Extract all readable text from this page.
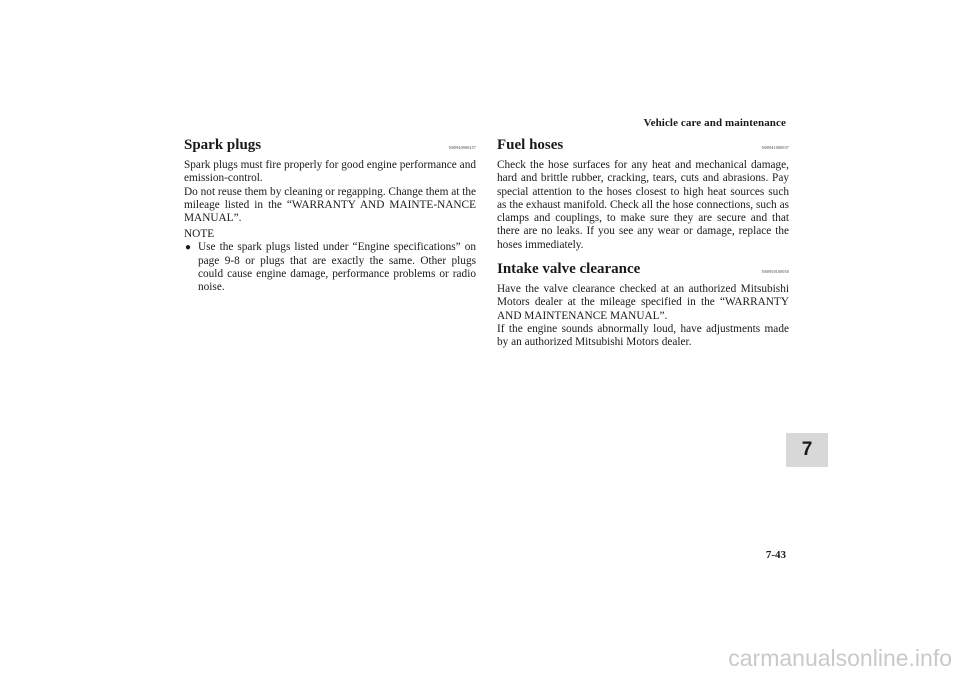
Vehicle care and maintenance
Spark plugs	N00940900257

Spark plugs must fire properly for good engine performance and emission-control.

Do not reuse them by cleaning or regapping. Change them at the mileage listed in the “WARRANTY AND MAINTE-NANCE MANUAL”.

NOTE
● Use the spark plugs listed under “Engine specifications” on page 9-8 or plugs that are exactly the same. Other plugs could cause engine damage, performance problems or radio noise.
Fuel hoses	N00941000037

Check the hose surfaces for any heat and mechanical damage, hard and brittle rubber, cracking, tears, cuts and abrasions. Pay special attention to the hoses closest to high heat sources such as the exhaust manifold. Check all the hose connections, such as clamps and couplings, to make sure they are secure and that there are no leaks. If you see any wear or damage, replace the hoses immediately.

Intake valve clearance	N00950100050

Have the valve clearance checked at an authorized Mitsubishi Motors dealer at the mileage specified in the “WARRANTY AND MAINTENANCE MANUAL”.

If the engine sounds abnormally loud, have adjustments made by an authorized Mitsubishi Motors dealer.

7
7-43
carmanualsonline.info
